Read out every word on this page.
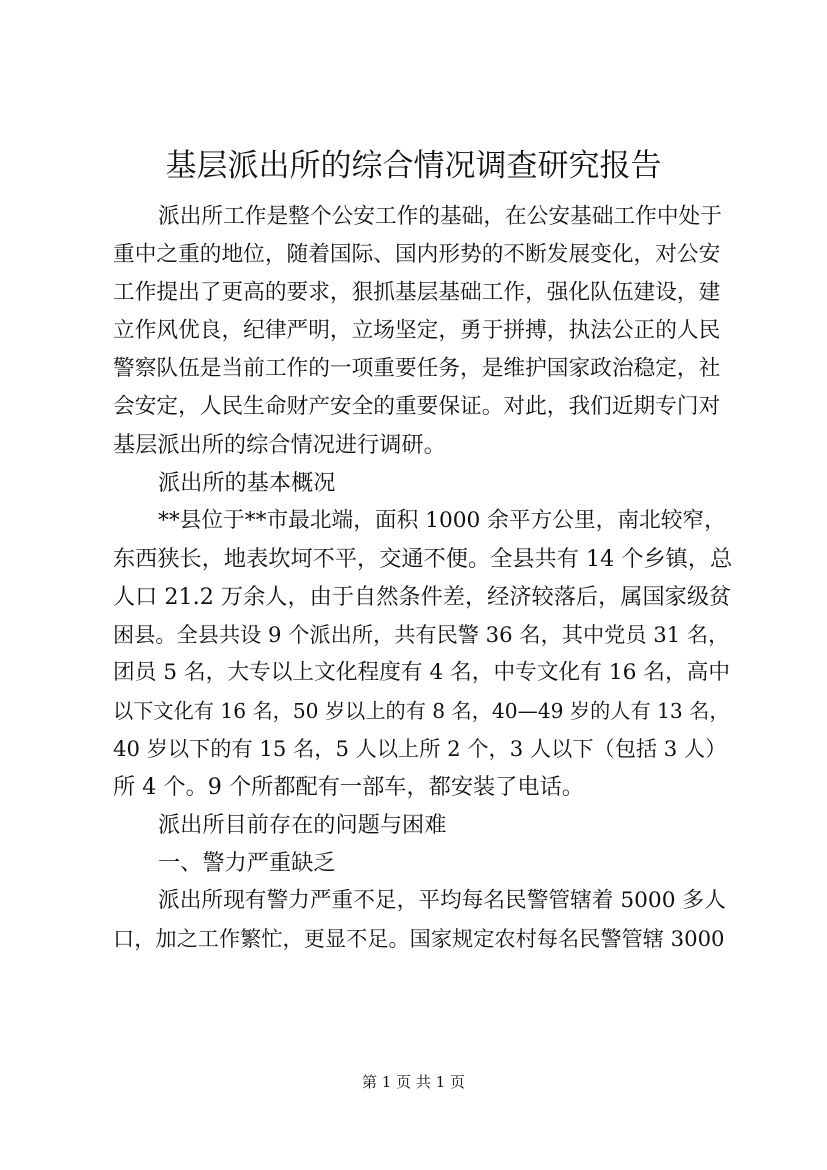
基层派出所的综合情况调查研究报告

派出所工作是整个公安工作的基础，在公安基础工作中处于

重中之重的地位，随着国际、国内形势的不断发展变化，对公安

工作提出了更高的要求，狠抓基层基础工作，强化队伍建设，建

立作风优良，纪律严明，立场坚定，勇于拼搏，执法公正的人民

警察队伍是当前工作的一项重要任务，是维护国家政治稳定，社

会安定，人民生命财产安全的重要保证。对此，我们近期专门对

基层派出所的综合情况进行调研。

派出所的基本概况

**县位于**市最北端，面积 1000 余平方公里，南北较窄，

东西狭长，地表坎坷不平，交通不便。全县共有 14 个乡镇，总

人口 21.2 万余人，由于自然条件差，经济较落后，属国家级贫

困县。全县共设 9 个派出所，共有民警 36 名，其中党员 31 名，

团员 5 名，大专以上文化程度有 4 名，中专文化有 16 名，高中

以下文化有 16 名，50 岁以上的有 8 名，40—49 岁的人有 13 名，

40 岁以下的有 15 名，5 人以上所 2 个，3 人以下（包括 3 人）

所 4 个。9 个所都配有一部车，都安装了电话。

派出所目前存在的问题与困难

一、警力严重缺乏

派出所现有警力严重不足，平均每名民警管辖着 5000 多人

口，加之工作繁忙，更显不足。国家规定农村每名民警管辖 3000

第 1 页 共 1 页
